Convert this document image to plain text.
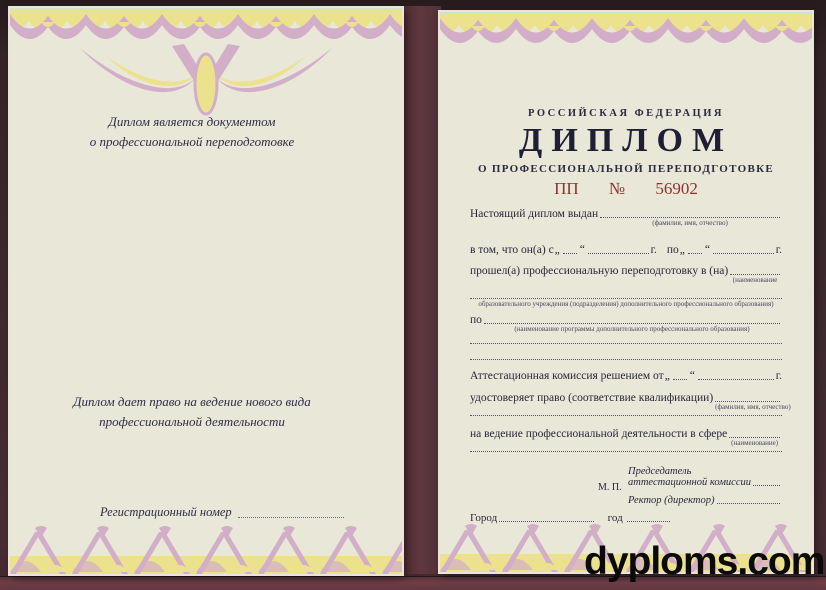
Диплом является документом
о профессиональной переподготовке
Диплом дает право на ведение нового вида
профессиональной деятельности
Регистрационный номер
РОССИЙСКАЯ ФЕДЕРАЦИЯ
ДИПЛОМ
О ПРОФЕССИОНАЛЬНОЙ ПЕРЕПОДГОТОВКЕ
ПП № 56902
Настоящий диплом выдан
(фамилия, имя, отчество)
в том, что он(а) с „ “	г. по „ “	г.
прошел(а) профессиональную переподготовку в (на)
(наименование
образовательного учреждения (подразделения) дополнительного профессионального образования)
по
(наименование программы дополнительного профессионального образования)
Аттестационная комиссия решением от „ “	г.
удостоверяет право (соответствие квалификации)
(фамилия, имя, отчество)
на ведение профессиональной деятельности в сфере
(наименование)
М. П.
Председатель
аттестационной комиссии
Ректор (директор)
Город	год
dyploms.com
